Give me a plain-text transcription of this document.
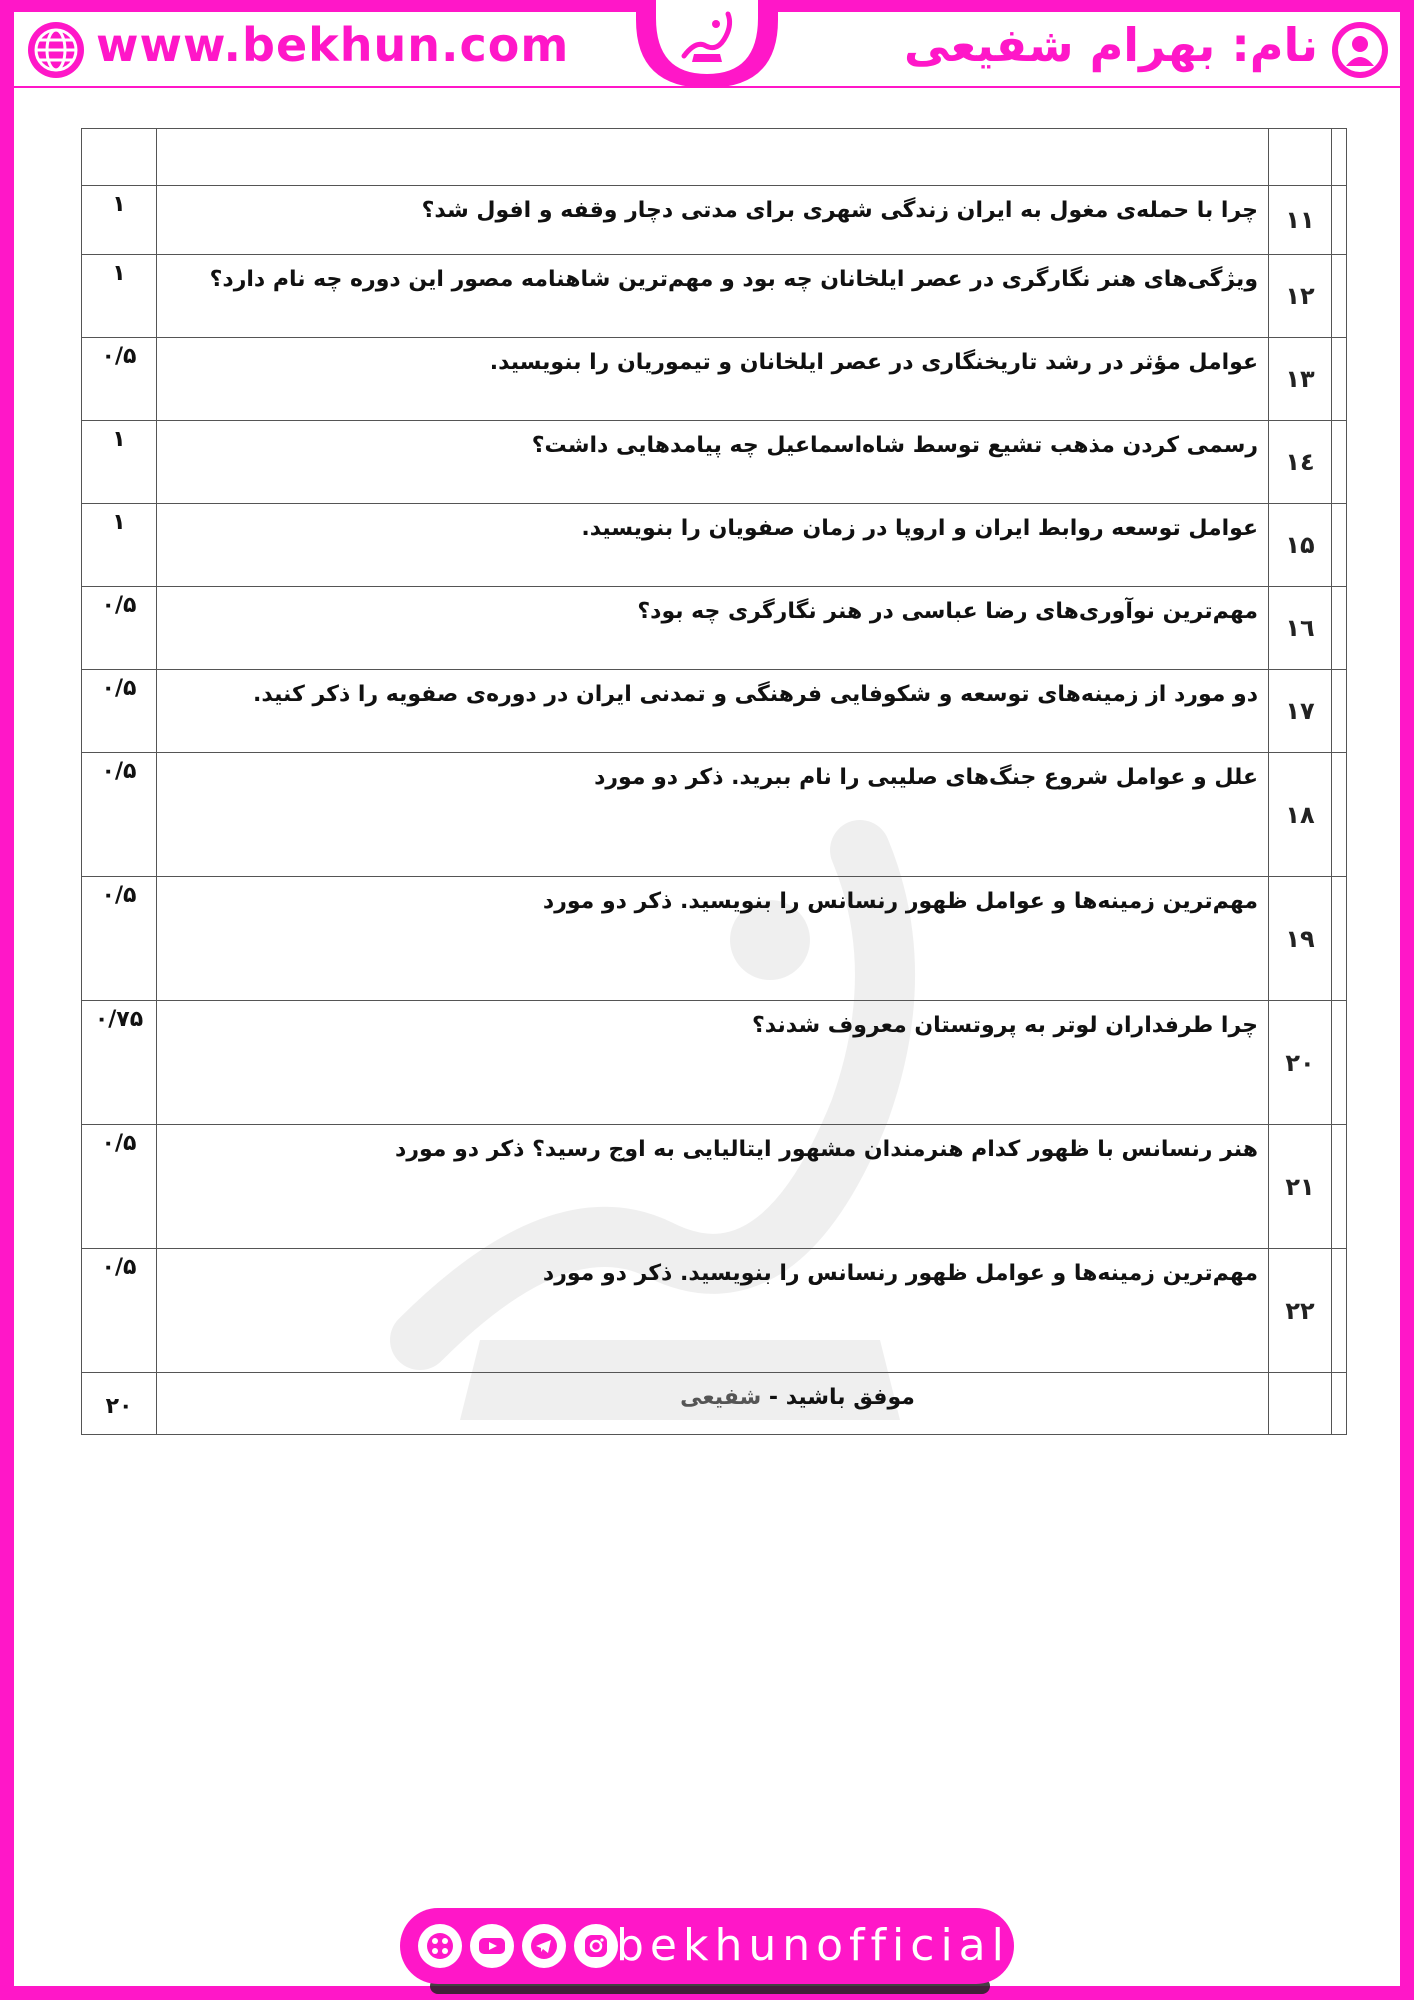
www.bekhun.com	نام: بهرام شفیعی

	۱۱	چرا با حمله‌ی مغول به ایران زندگی شهری برای مدتی دچار وقفه و افول شد؟	۱
	۱۲	ویژگی‌های هنر نگارگری در عصر ایلخانان چه بود و مهم‌ترین شاهنامه مصور این دوره چه نام دارد؟	۱
	۱۳	عوامل مؤثر در رشد تاریخنگاری در عصر ایلخانان و تیموریان را بنویسید.	۰/۵
	۱٤	رسمی کردن مذهب تشیع توسط شاه‌اسماعیل چه پیامدهایی داشت؟	۱
	۱۵	عوامل توسعه روابط ایران و اروپا در زمان صفویان را بنویسید.	۱
	۱٦	مهم‌ترین نوآوری‌های رضا عباسی در هنر نگارگری چه بود؟	۰/۵
	۱۷	دو مورد از زمینه‌های توسعه و شکوفایی فرهنگی و تمدنی ایران در دوره‌ی صفویه را ذکر کنید.	۰/۵
	۱۸	علل و عوامل شروع جنگ‌های صلیبی را نام ببرید. ذکر دو مورد	۰/۵
	۱۹	مهم‌ترین زمینه‌ها و عوامل ظهور رنسانس را بنویسید. ذکر دو مورد	۰/۵
	۲۰	چرا طرفداران لوتر به پروتستان معروف شدند؟	۰/۷۵
	۲۱	هنر رنسانس با ظهور کدام هنرمندان مشهور ایتالیایی به اوج رسید؟ ذکر دو مورد	۰/۵
	۲۲	مهم‌ترین زمینه‌ها و عوامل ظهور رنسانس را بنویسید. ذکر دو مورد	۰/۵
		موفق باشید - شفیعی	۲۰
bekhunofficial
